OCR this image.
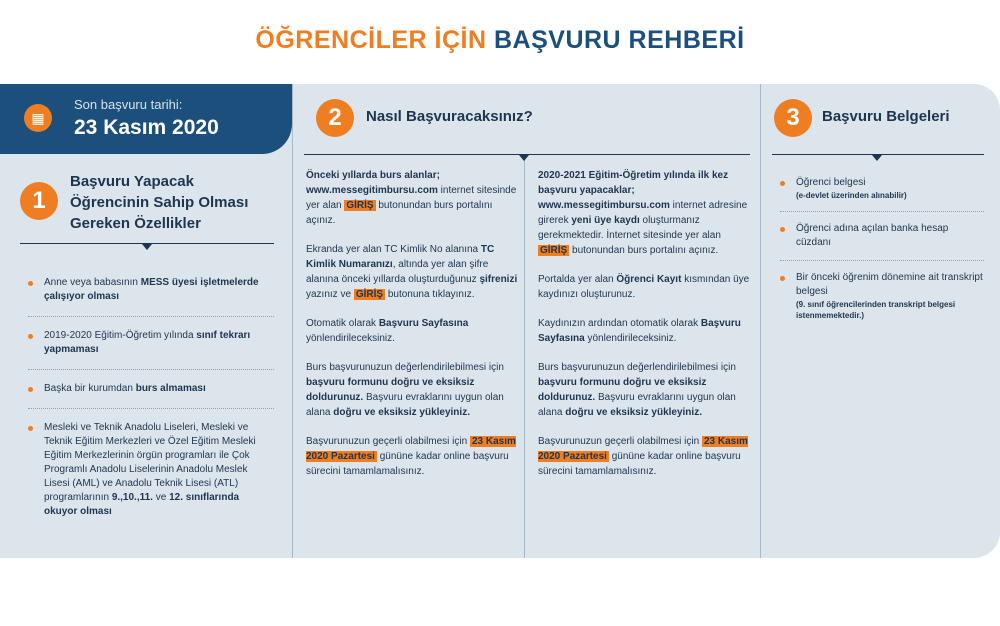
ÖĞRENCİLER İÇİN BAŞVURU REHBERİ
▦
Son başvuru tarihi:
23 Kasım 2020
1
Başvuru Yapacak
Öğrencinin Sahip Olması
Gereken Özellikler
Anne veya babasının MESS üyesi işletmelerde çalışıyor olması
2019-2020 Eğitim-Öğretim yılında sınıf tekrarı yapmaması
Başka bir kurumdan burs almaması
Mesleki ve Teknik Anadolu Liseleri, Mesleki ve Teknik Eğitim Merkezleri ve Özel Eğitim Mesleki Eğitim Merkezlerinin örgün programları ile Çok Programlı Anadolu Liselerinin Anadolu Meslek Lisesi (AML) ve Anadolu Teknik Lisesi (ATL) programlarının 9.,10.,11. ve 12. sınıflarında okuyor olması
2	Nasıl Başvuracaksınız?

Önceki yıllarda burs alanlar;
www.messegitimbursu.com internet sitesinde yer alan GİRİŞ butonundan burs portalını açınız.

Ekranda yer alan TC Kimlik No alanına TC Kimlik Numaranızı, altında yer alan şifre alanına önceki yıllarda oluşturduğunuz şifrenizi yazınız ve GİRİŞ butonuna tıklayınız.

Otomatik olarak Başvuru Sayfasına yönlendirileceksiniz.

Burs başvurunuzun değerlendirilebilmesi için başvuru formunu doğru ve eksiksiz doldurunuz. Başvuru evraklarını uygun olan alana doğru ve eksiksiz yükleyiniz.

Başvurunuzun geçerli olabilmesi için 23 Kasım 2020 Pazartesi gününe kadar online başvuru sürecini tamamlamalısınız.

2020-2021 Eğitim-Öğretim yılında ilk kez başvuru yapacaklar;
www.messegitimbursu.com internet adresine girerek yeni üye kaydı oluşturmanız gerekmektedir. İnternet sitesinde yer alan GİRİŞ butonundan burs portalını açınız.

Portalda yer alan Öğrenci Kayıt kısmından üye kaydınızı oluşturunuz.

Kaydınızın ardından otomatik olarak Başvuru Sayfasına yönlendirileceksiniz.

Burs başvurunuzun değerlendirilebilmesi için başvuru formunu doğru ve eksiksiz doldurunuz. Başvuru evraklarını uygun olan alana doğru ve eksiksiz yükleyiniz.

Başvurunuzun geçerli olabilmesi için 23 Kasım 2020 Pazartesi gününe kadar online başvuru sürecini tamamlamalısınız.

3	Başvuru Belgeleri
Öğrenci belgesi
(e-devlet üzerinden alınabilir)
Öğrenci adına açılan banka hesap cüzdanı
Bir önceki öğrenim dönemine ait transkript belgesi
(9. sınıf öğrencilerinden transkript belgesi istenmemektedir.)
